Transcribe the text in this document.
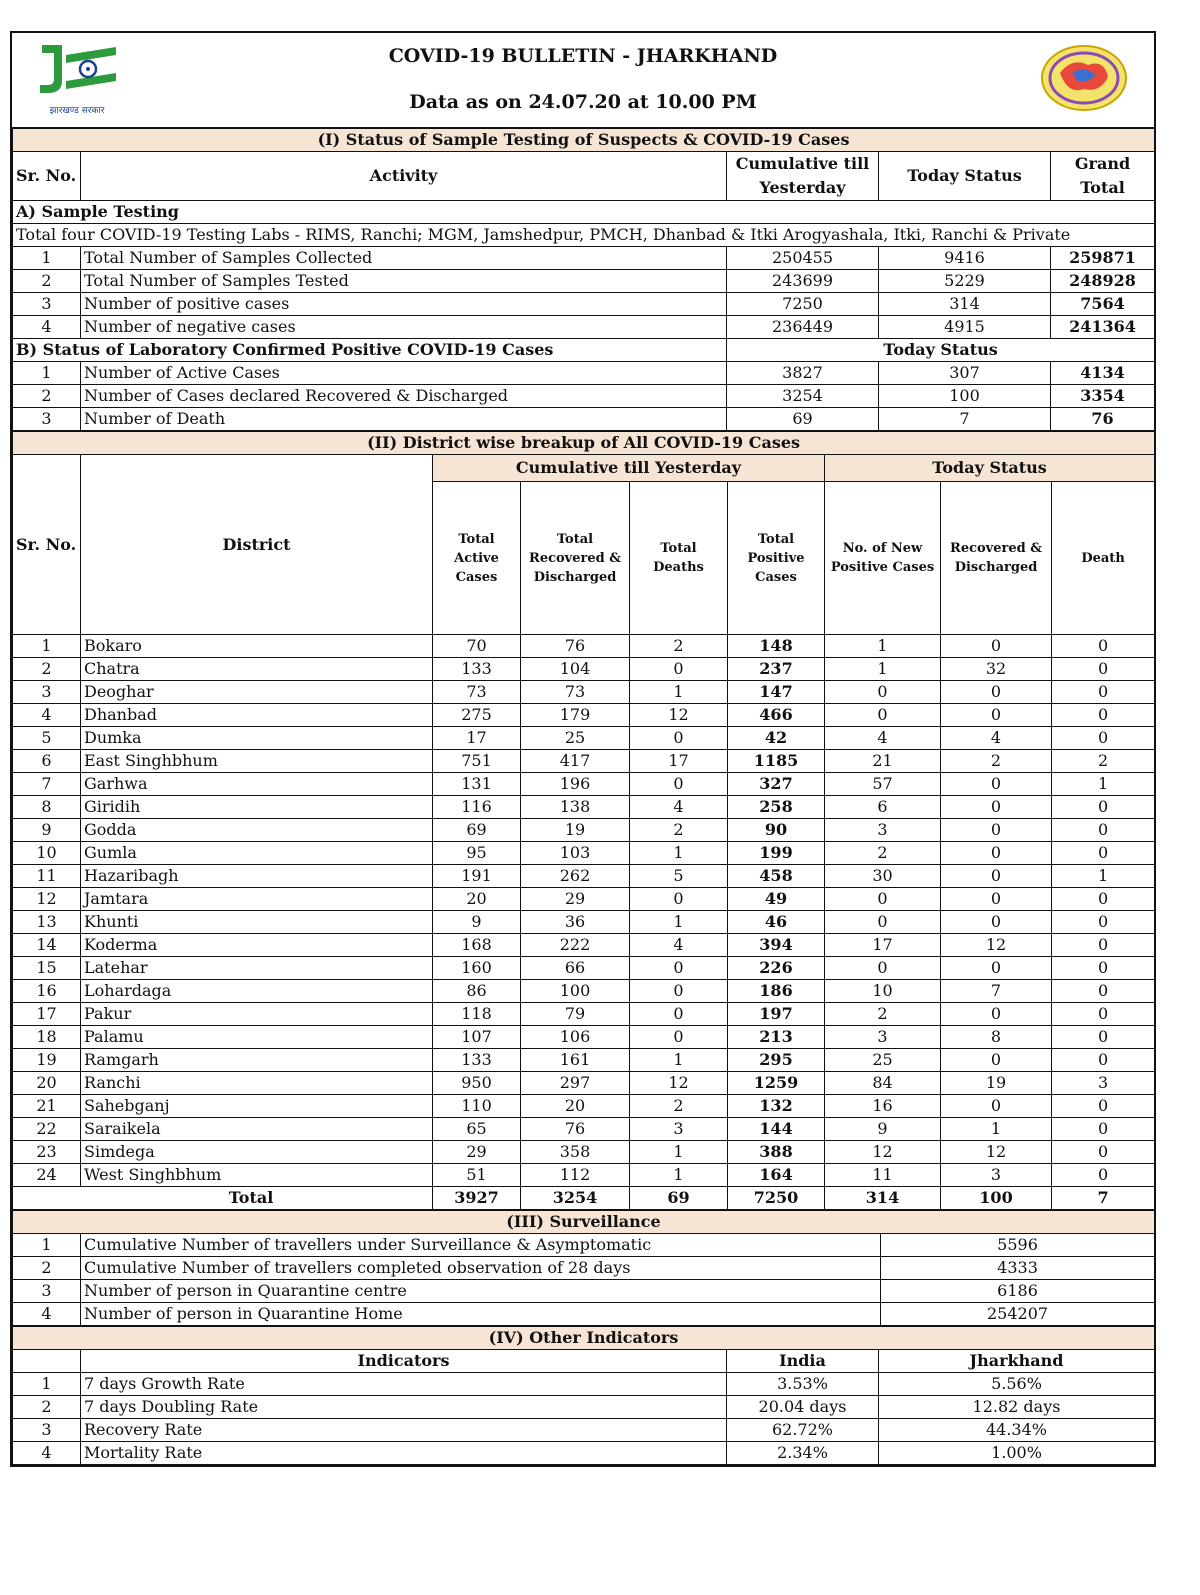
झारखण्ड सरकार
COVID-19 BULLETIN - JHARKHAND
Data as on 24.07.20 at 10.00 PM
(I) Status of Sample Testing of Suspects & COVID-19 Cases				
Sr. No.	Activity	Cumulative till Yesterday	Today Status	Grand Total
A) Sample Testing				
Total four COVID-19 Testing Labs - RIMS, Ranchi; MGM, Jamshedpur, PMCH, Dhanbad & Itki Arogyashala, Itki, Ranchi & Private				
1	Total Number of Samples Collected	250455	9416	259871
2	Total Number of Samples Tested	243699	5229	248928
3	Number of positive cases	7250	314	7564
4	Number of negative cases	236449	4915	241364
B) Status of Laboratory Confirmed Positive COVID-19 Cases		Today Status		
1	Number of Active Cases	3827	307	4134
2	Number of Cases declared Recovered & Discharged	3254	100	3354
3	Number of Death	69	7	76
(II) District wise breakup of All COVID-19 Cases								
Sr. No.	District	Cumulative till Yesterday				Today Status		
		Total Active Cases	Total Recovered & Discharged	Total Deaths	Total Positive Cases	No. of New Positive Cases	Recovered & Discharged	Death
1	Bokaro	70	76	2	148	1	0	0
2	Chatra	133	104	0	237	1	32	0
3	Deoghar	73	73	1	147	0	0	0
4	Dhanbad	275	179	12	466	0	0	0
5	Dumka	17	25	0	42	4	4	0
6	East Singhbhum	751	417	17	1185	21	2	2
7	Garhwa	131	196	0	327	57	0	1
8	Giridih	116	138	4	258	6	0	0
9	Godda	69	19	2	90	3	0	0
10	Gumla	95	103	1	199	2	0	0
11	Hazaribagh	191	262	5	458	30	0	1
12	Jamtara	20	29	0	49	0	0	0
13	Khunti	9	36	1	46	0	0	0
14	Koderma	168	222	4	394	17	12	0
15	Latehar	160	66	0	226	0	0	0
16	Lohardaga	86	100	0	186	10	7	0
17	Pakur	118	79	0	197	2	0	0
18	Palamu	107	106	0	213	3	8	0
19	Ramgarh	133	161	1	295	25	0	0
20	Ranchi	950	297	12	1259	84	19	3
21	Sahebganj	110	20	2	132	16	0	0
22	Saraikela	65	76	3	144	9	1	0
23	Simdega	29	358	1	388	12	12	0
24	West Singhbhum	51	112	1	164	11	3	0
Total		3927	3254	69	7250	314	100	7
(III) Surveillance		
1	Cumulative Number of travellers under Surveillance & Asymptomatic	5596
2	Cumulative Number of travellers completed observation of 28 days	4333
3	Number of person in Quarantine centre	6186
4	Number of person in Quarantine Home	254207
(IV) Other Indicators			
	Indicators	India	Jharkhand
1	7 days Growth Rate	3.53%	5.56%
2	7 days Doubling Rate	20.04 days	12.82 days
3	Recovery Rate	62.72%	44.34%
4	Mortality Rate	2.34%	1.00%
